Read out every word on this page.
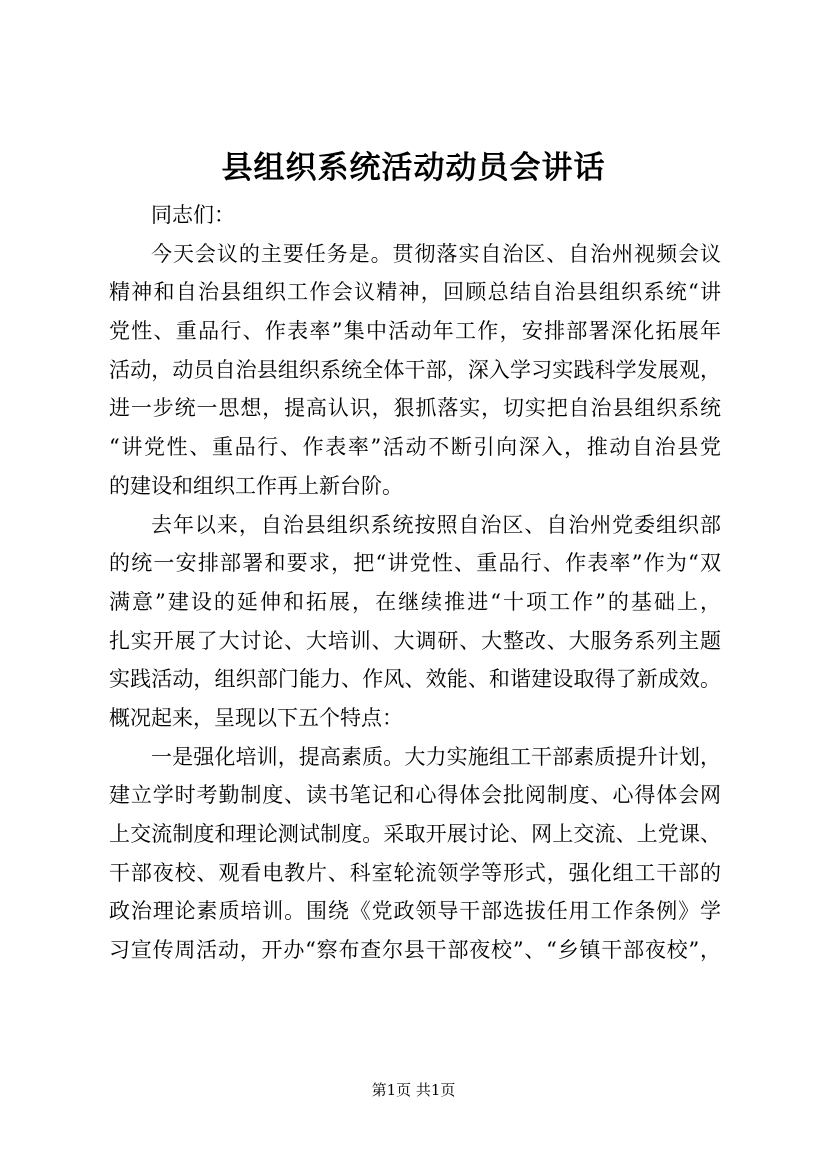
县组织系统活动动员会讲话
同志们：
今天会议的主要任务是。贯彻落实自治区、自治州视频会议
精神和自治县组织工作会议精神，回顾总结自治县组织系统“讲
党性、重品行、作表率”集中活动年工作，安排部署深化拓展年
活动，动员自治县组织系统全体干部，深入学习实践科学发展观，
进一步统一思想，提高认识，狠抓落实，切实把自治县组织系统
“讲党性、重品行、作表率”活动不断引向深入，推动自治县党
的建设和组织工作再上新台阶。
去年以来，自治县组织系统按照自治区、自治州党委组织部
的统一安排部署和要求，把“讲党性、重品行、作表率”作为“双
满意”建设的延伸和拓展，在继续推进“十项工作”的基础上，
扎实开展了大讨论、大培训、大调研、大整改、大服务系列主题
实践活动，组织部门能力、作风、效能、和谐建设取得了新成效。
概况起来，呈现以下五个特点：
一是强化培训，提高素质。大力实施组工干部素质提升计划，
建立学时考勤制度、读书笔记和心得体会批阅制度、心得体会网
上交流制度和理论测试制度。采取开展讨论、网上交流、上党课、
干部夜校、观看电教片、科室轮流领学等形式，强化组工干部的
政治理论素质培训。围绕《党政领导干部选拔任用工作条例》学
习宣传周活动，开办“察布查尔县干部夜校”、“乡镇干部夜校”，
第1页 共1页
